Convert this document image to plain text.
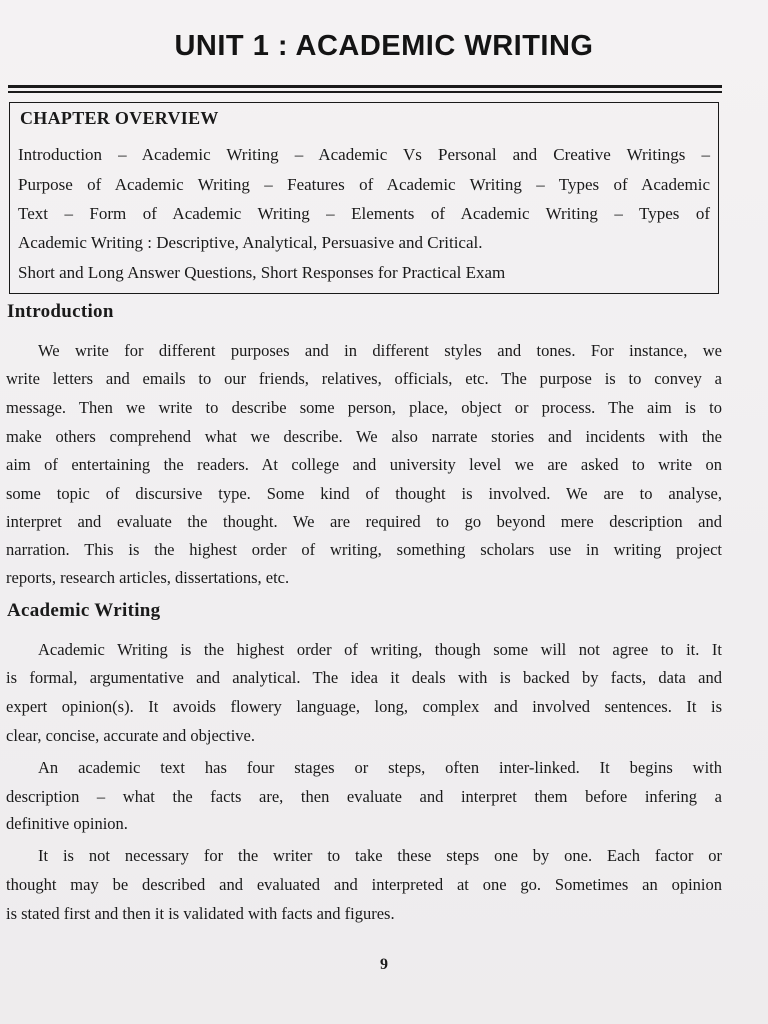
UNIT 1 : ACADEMIC WRITING
CHAPTER OVERVIEW
Introduction – Academic Writing – Academic Vs Personal and Creative Writings –
Purpose of Academic Writing – Features of Academic Writing – Types of Academic
Text – Form of Academic Writing – Elements of Academic Writing – Types of
Academic Writing : Descriptive, Analytical, Persuasive and Critical.
Short and Long Answer Questions, Short Responses for Practical Exam
Introduction
We write for different purposes and in different styles and tones. For instance, we
write letters and emails to our friends, relatives, officials, etc. The purpose is to convey a
message. Then we write to describe some person, place, object or process. The aim is to
make others comprehend what we describe. We also narrate stories and incidents with the
aim of entertaining the readers. At college and university level we are asked to write on
some topic of discursive type. Some kind of thought is involved. We are to analyse,
interpret and evaluate the thought. We are required to go beyond mere description and
narration. This is the highest order of writing, something scholars use in writing project
reports, research articles, dissertations, etc.
Academic Writing
Academic Writing is the highest order of writing, though some will not agree to it. It
is formal, argumentative and analytical. The idea it deals with is backed by facts, data and
expert opinion(s). It avoids flowery language, long, complex and involved sentences. It is
clear, concise, accurate and objective.
An academic text has four stages or steps, often inter-linked. It begins with
description – what the facts are, then evaluate and interpret them before infering a
definitive opinion.
It is not necessary for the writer to take these steps one by one. Each factor or
thought may be described and evaluated and interpreted at one go. Sometimes an opinion
is stated first and then it is validated with facts and figures.
9
